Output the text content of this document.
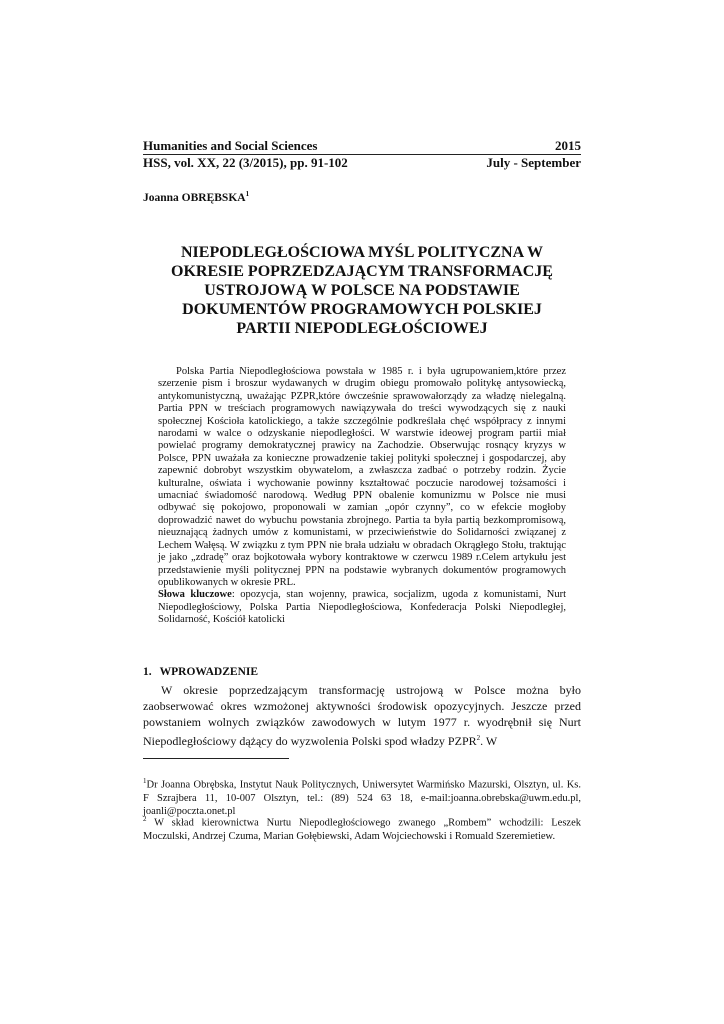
Humanities and Social Sciences	2015
HSS, vol. XX, 22 (3/2015), pp. 91-102	July - September
Joanna OBRĘBSKA$^1$
NIEPODLEGŁOŚCIOWA MYŚL POLITYCZNA W
OKRESIE POPRZEDZAJĄCYM TRANSFORMACJĘ
USTROJOWĄ W POLSCE NA PODSTAWIE
DOKUMENTÓW PROGRAMOWYCH POLSKIEJ
PARTII NIEPODLEGŁOŚCIOWEJ

Polska Partia Niepodległościowa powstała w 1985 r. i była ugrupowaniem,które przez szerzenie pism i broszur wydawanych w drugim obiegu promowało politykę antysowiecką, antykomunistyczną, uważając PZPR,które ówcześnie sprawowałorządy za władzę nielegalną. Partia PPN w treściach programowych nawiązywała do treści wywodzących się z nauki społecznej Kościoła katolickiego, a także szczególnie podkreślała chęć współpracy z innymi narodami w walce o odzyskanie niepodległości. W warstwie ideowej program partii miał powielać programy demokratycznej prawicy na Zachodzie. Obserwując rosnący kryzys w Polsce, PPN uważała za konieczne prowadzenie takiej polityki społecznej i gospodarczej, aby zapewnić dobrobyt wszystkim obywatelom, a zwłaszcza zadbać o potrzeby rodzin. Życie kulturalne, oświata i wychowanie powinny kształtować poczucie narodowej tożsamości i umacniać świadomość narodową. Według PPN obalenie komunizmu w Polsce nie musi odbywać się pokojowo, proponowali w zamian „opór czynny”, co w efekcie mogłoby doprowadzić nawet do wybuchu powstania zbrojnego. Partia ta była partią bezkompromisową, nieuznającą żadnych umów z komunistami, w przeciwieństwie do Solidarności związanej z Lechem Wałęsą. W związku z tym PPN nie brała udziału w obradach Okrągłego Stołu, traktując je jako „zdradę” oraz bojkotowała wybory kontraktowe w czerwcu 1989 r.Celem artykułu jest przedstawienie myśli politycznej PPN na podstawie wybranych dokumentów programowych opublikowanych w okresie PRL.

Słowa kluczowe: opozycja, stan wojenny, prawica, socjalizm, ugoda z komunistami, Nurt Niepodległościowy, Polska Partia Niepodległościowa, Konfederacja Polski Niepodległej, Solidarność, Kościół katolicki

1. WPROWADZENIE

W okresie poprzedzającym transformację ustrojową w Polsce można było zaobserwować okres wzmożonej aktywności środowisk opozycyjnych. Jeszcze przed powstaniem wolnych związków zawodowych w lutym 1977 r. wyodrębnił się Nurt Niepodległościowy dążący do wyzwolenia Polski spod władzy PZPR$^2$. W

$^1$Dr Joanna Obrębska, Instytut Nauk Politycznych, Uniwersytet Warmińsko Mazurski, Olsztyn, ul. Ks. F Szrajbera 11, 10-007 Olsztyn, tel.: (89) 524 63 18, e-mail:joanna.obrebska@uwm.edu.pl, joanli@poczta.onet.pl
$^2$ W skład kierownictwa Nurtu Niepodległościowego zwanego „Rombem” wchodzili: Leszek Moczulski, Andrzej Czuma, Marian Gołębiewski, Adam Wojciechowski i Romuald Szeremietiew.
